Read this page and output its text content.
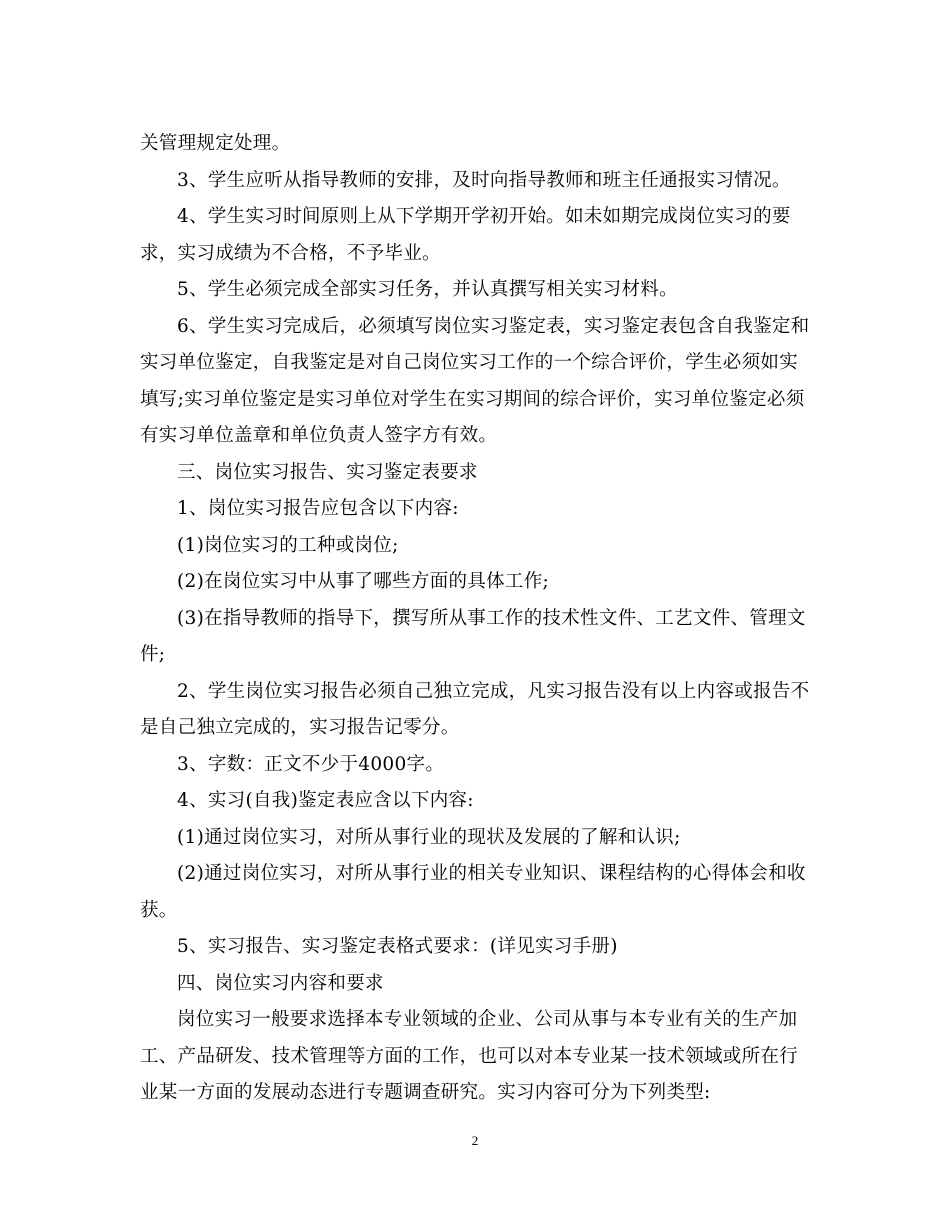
关管理规定处理。
3、学生应听从指导教师的安排，及时向指导教师和班主任通报实习情况。
4、学生实习时间原则上从下学期开学初开始。如未如期完成岗位实习的要
求，实习成绩为不合格，不予毕业。
5、学生必须完成全部实习任务，并认真撰写相关实习材料。
6、学生实习完成后，必须填写岗位实习鉴定表，实习鉴定表包含自我鉴定和
实习单位鉴定，自我鉴定是对自己岗位实习工作的一个综合评价，学生必须如实
填写;实习单位鉴定是实习单位对学生在实习期间的综合评价，实习单位鉴定必须
有实习单位盖章和单位负责人签字方有效。
三、岗位实习报告、实习鉴定表要求
1、岗位实习报告应包含以下内容:
(1)岗位实习的工种或岗位;
(2)在岗位实习中从事了哪些方面的具体工作;
(3)在指导教师的指导下，撰写所从事工作的技术性文件、工艺文件、管理文
件;
2、学生岗位实习报告必须自己独立完成，凡实习报告没有以上内容或报告不
是自己独立完成的，实习报告记零分。
3、字数：正文不少于4000字。
4、实习(自我)鉴定表应含以下内容:
(1)通过岗位实习，对所从事行业的现状及发展的了解和认识;
(2)通过岗位实习，对所从事行业的相关专业知识、课程结构的心得体会和收
获。
5、实习报告、实习鉴定表格式要求：(详见实习手册)
四、岗位实习内容和要求
岗位实习一般要求选择本专业领域的企业、公司从事与本专业有关的生产加
工、产品研发、技术管理等方面的工作，也可以对本专业某一技术领域或所在行
业某一方面的发展动态进行专题调查研究。实习内容可分为下列类型:
2
